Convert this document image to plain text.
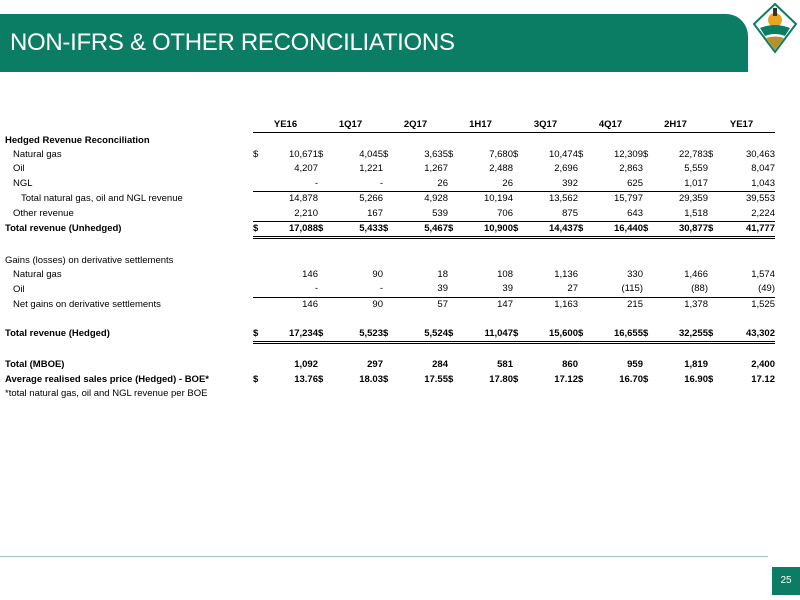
NON-IFRS & OTHER RECONCILIATIONS
	YE16	1Q17	2Q17	1H17	3Q17	4Q17	2H17	YE17
Hedged Revenue Reconciliation								
Natural gas	$ 10,671	$ 4,045	$ 3,635	$ 7,680	$ 10,474	$ 12,309	$ 22,783	$ 30,463

Oil	4,207	1,221	1,267	2,488	2,696	2,863	5,559	8,047

NGL	-	-	26	26	392	625	1,017	1,043

Total natural gas, oil and NGL revenue	14,878	5,266	4,928	10,194	13,562	15,797	29,359	39,553

Other revenue	2,210	167	539	706	875	643	1,518	2,224

Total revenue (Unhedged)	$ 17,088	$ 5,433	$ 5,467	$ 10,900	$ 14,437	$ 16,440	$ 30,877	$ 41,777

Gains (losses) on derivative settlements								
Natural gas	146	90	18	108	1,136	330	1,466	1,574

Oil	-	-	39	39	27	(115)	(88)	(49)

Net gains on derivative settlements	146	90	57	147	1,163	215	1,378	1,525

Total revenue (Hedged)	$ 17,234	$ 5,523	$ 5,524	$ 11,047	$ 15,600	$ 16,655	$ 32,255	$ 43,302

Total (MBOE)	1,092	297	284	581	860	959	1,819	2,400

Average realised sales price (Hedged) - BOE*	$ 13.76	$ 18.03	$ 17.55	$ 17.80	$ 17.12	$ 16.70	$ 16.90	$ 17.12

*total natural gas, oil and NGL revenue per BOE								
25
